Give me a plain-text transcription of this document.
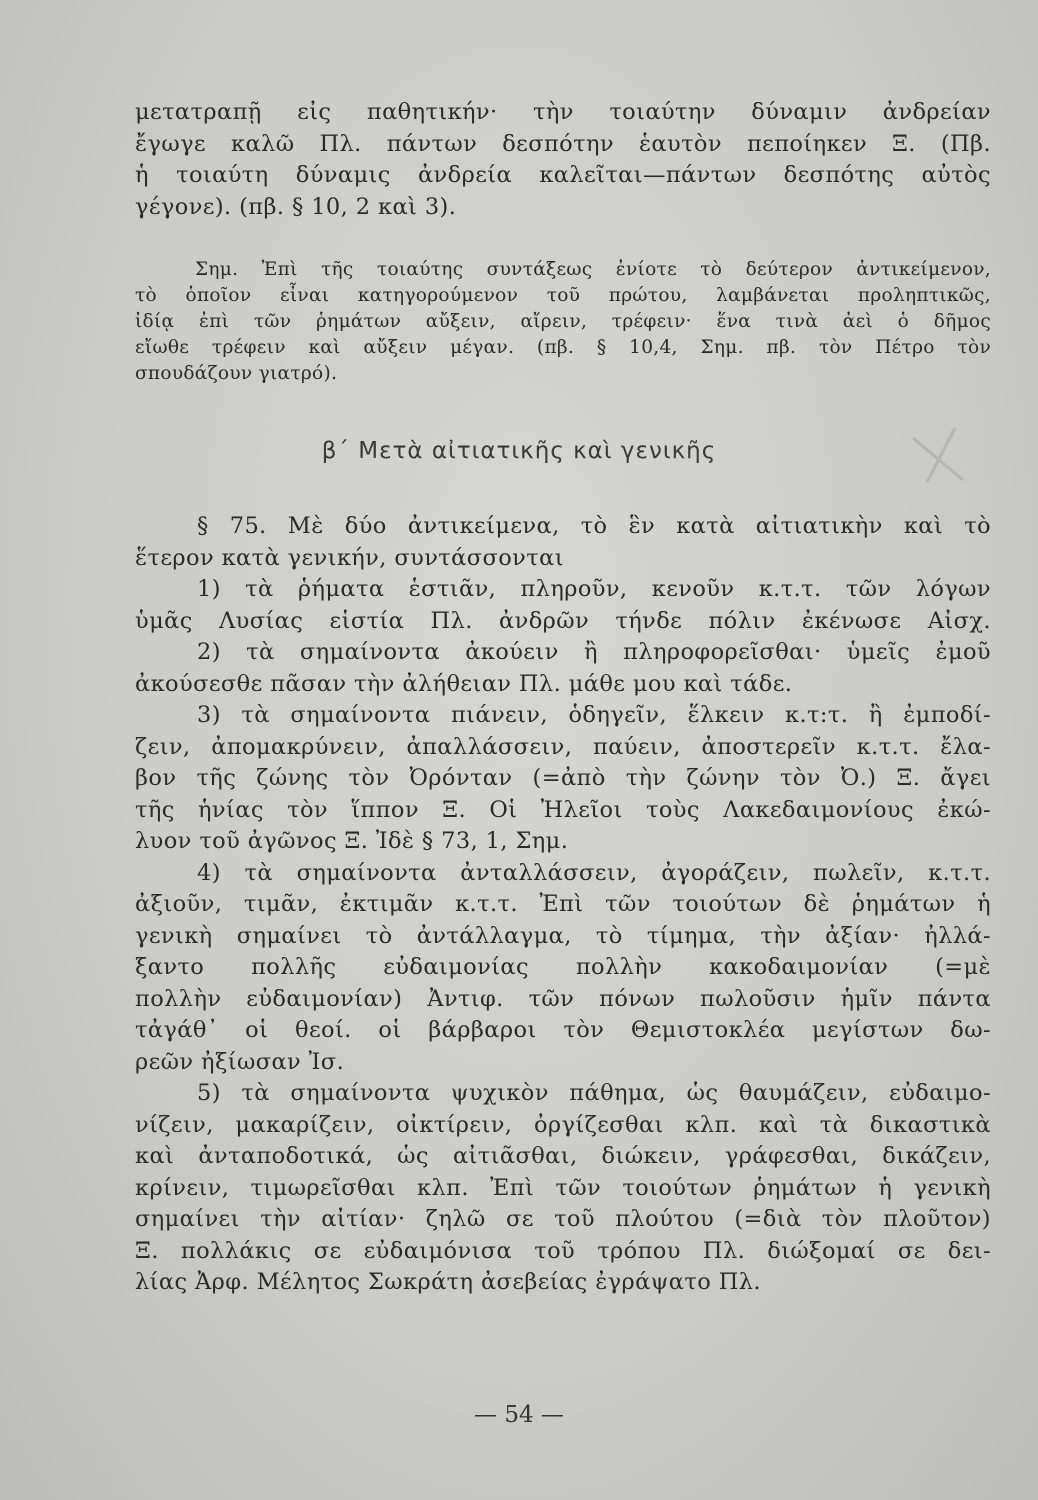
μετατραπῇ εἰς παθητικήν· τὴν τοιαύτην δύναμιν ἀνδρείαν
ἔγωγε καλῶ Πλ. πάντων δεσπότην ἑαυτὸν πεποίηκεν Ξ. (Πβ.
ἡ τοιαύτη δύναμις ἀνδρεία καλεῖται—πάντων δεσπότης αὐτὸς
γέγονε). (πβ. § 10, 2 καὶ 3).
Σημ. Ἐπὶ τῆς τοιαύτης συντάξεως ἐνίοτε τὸ δεύτερον ἀντικείμενον,
τὸ ὁποῖον εἶναι κατηγορούμενον τοῦ πρώτου, λαμβάνεται προληπτικῶς,
ἰδίᾳ ἐπὶ τῶν ῥημάτων αὔξειν, αἴρειν, τρέφειν· ἕνα τινὰ ἀεὶ ὁ δῆμος
εἴωθε τρέφειν καὶ αὔξειν μέγαν. (πβ. § 10,4, Σημ. πβ. τὸν Πέτρο τὸν
σπουδάζουν γιατρό).
β΄ Μετὰ αἰτιατικῆς καὶ γενικῆς
§ 75. Μὲ δύο ἀντικείμενα, τὸ ἓν κατὰ αἰτιατικὴν καὶ τὸ
ἕτερον κατὰ γενικήν, συντάσσονται
1) τὰ ῥήματα ἑστιᾶν, πληροῦν, κενοῦν κ.τ.τ. τῶν λόγων
ὑμᾶς Λυσίας εἱστία Πλ. ἀνδρῶν τήνδε πόλιν ἐκένωσε Αἰσχ.
2) τὰ σημαίνοντα ἀκούειν ἢ πληροφορεῖσθαι· ὑμεῖς ἐμοῦ
ἀκούσεσθε πᾶσαν τὴν ἀλήθειαν Πλ. μάθε μου καὶ τάδε.
3) τὰ σημαίνοντα πιάνειν, ὁδηγεῖν, ἕλκειν κ.τ:τ. ἢ ἐμποδί-
ζειν, ἀπομακρύνειν, ἀπαλλάσσειν, παύειν, ἀποστερεῖν κ.τ.τ. ἔλα-
βον τῆς ζώνης τὸν Ὀρόνταν (=ἀπὸ τὴν ζώνην τὸν Ὀ.) Ξ. ἄγει
τῆς ἡνίας τὸν ἵππον Ξ. Οἱ Ἠλεῖοι τοὺς Λακεδαιμονίους ἐκώ-
λυον τοῦ ἀγῶνος Ξ. Ἰδὲ § 73, 1, Σημ.
4) τὰ σημαίνοντα ἀνταλλάσσειν, ἀγοράζειν, πωλεῖν, κ.τ.τ.
ἀξιοῦν, τιμᾶν, ἐκτιμᾶν κ.τ.τ. Ἐπὶ τῶν τοιούτων δὲ ῥημάτων ἡ
γενικὴ σημαίνει τὸ ἀντάλλαγμα, τὸ τίμημα, τὴν ἀξίαν· ἠλλά-
ξαντο πολλῆς εὐδαιμονίας πολλὴν κακοδαιμονίαν (=μὲ
πολλὴν εὐδαιμονίαν) Ἀντιφ. τῶν πόνων πωλοῦσιν ἡμῖν πάντα
τἀγάθ᾽ οἱ θεοί. οἱ βάρβαροι τὸν Θεμιστοκλέα μεγίστων δω-
ρεῶν ἠξίωσαν Ἰσ.
5) τὰ σημαίνοντα ψυχικὸν πάθημα, ὡς θαυμάζειν, εὐδαιμο-
νίζειν, μακαρίζειν, οἰκτίρειν, ὀργίζεσθαι κλπ. καὶ τὰ δικαστικὰ
καὶ ἀνταποδοτικά, ὡς αἰτιᾶσθαι, διώκειν, γράφεσθαι, δικάζειν,
κρίνειν, τιμωρεῖσθαι κλπ. Ἐπὶ τῶν τοιούτων ῥημάτων ἡ γενικὴ
σημαίνει τὴν αἰτίαν· ζηλῶ σε τοῦ πλούτου (=διὰ τὸν πλοῦτον)
Ξ. πολλάκις σε εὐδαιμόνισα τοῦ τρόπου Πλ. διώξομαί σε δει-
λίας Ἀρφ. Μέλητος Σωκράτη ἀσεβείας ἐγράψατο Πλ.
— 54 —
